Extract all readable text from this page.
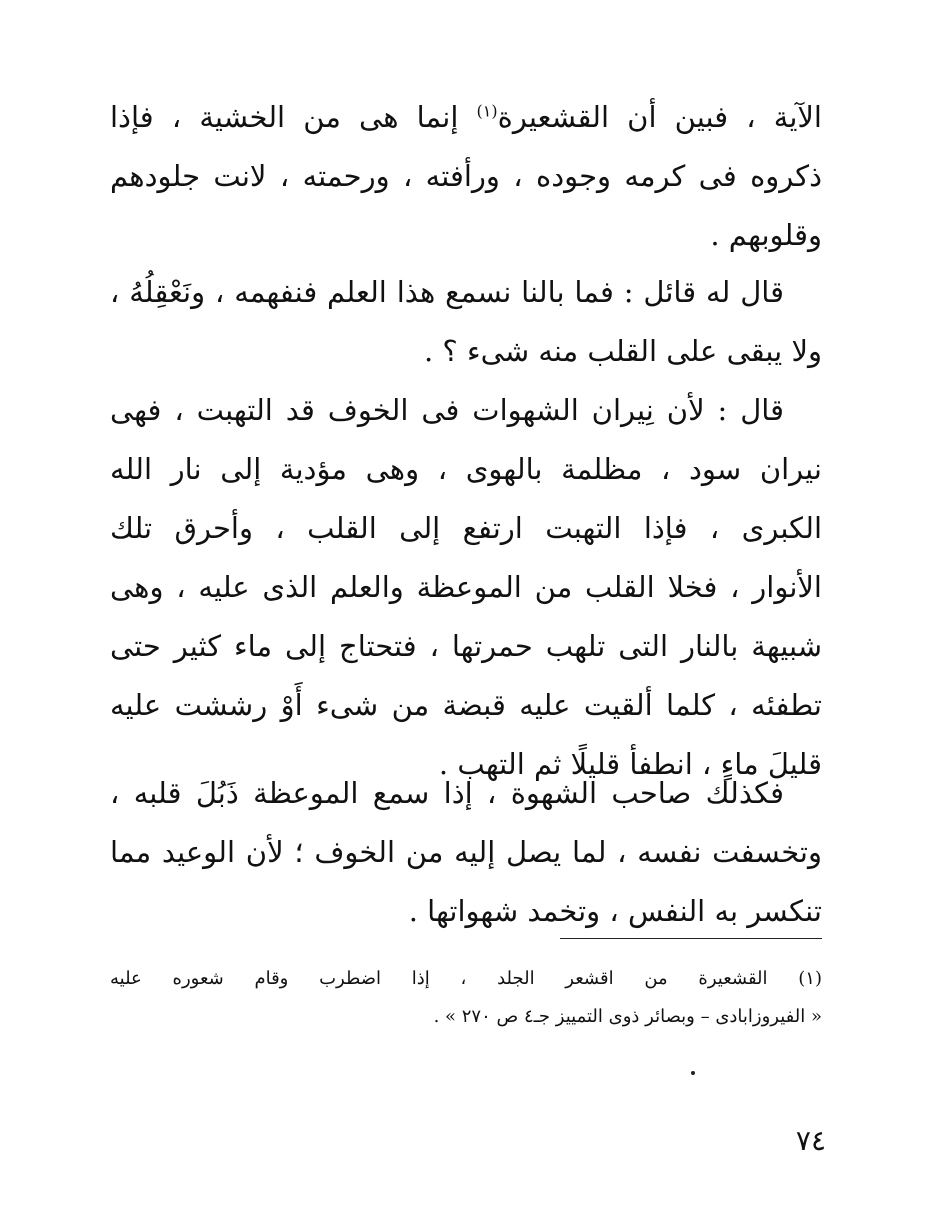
الآية ، فبين أن القشعيرة$^{(١)}$ إنما هى من الخشية ، فإذا
ذكروه فى كرمه وجوده ، ورأفته ، ورحمته ، لانت جلودهم
وقلوبهم .
قال له قائل : فما بالنا نسمع هذا العلم فنفهمه ، ونَعْقِلُهُ ،
ولا يبقى على القلب منه شىء ؟ .
قال : لأن نِيران الشهوات فى الخوف قد التهبت ، فهى
نيران سود ، مظلمة بالهوى ، وهى مؤدية إلى نار الله
الكبرى ، فإذا التهبت ارتفع إلى القلب ، وأحرق تلك
الأنوار ، فخلا القلب من الموعظة والعلم الذى عليه ، وهى
شبيهة بالنار التى تلهب حمرتها ، فتحتاج إلى ماء كثير حتى
تطفئه ، كلما ألقيت عليه قبضة من شىء أَوْ رششت عليه
قليلَ ماءٍ ، انطفأ قليلًا ثم التهب .
فكذلك صاحب الشهوة ، إذا سمع الموعظة ذَبُلَ قلبه ،
وتخسفت نفسه ، لما يصل إليه من الخوف ؛ لأن الوعيد مما
تنكسر به النفس ، وتخمد شهواتها .
(١) القشعيرة من اقشعر الجلد ، إذا اضطرب وقام شعوره عليه
« الفيروزابادى – وبصائر ذوى التمييز جـ٤ ص ٢٧٠ » .
٧٤
